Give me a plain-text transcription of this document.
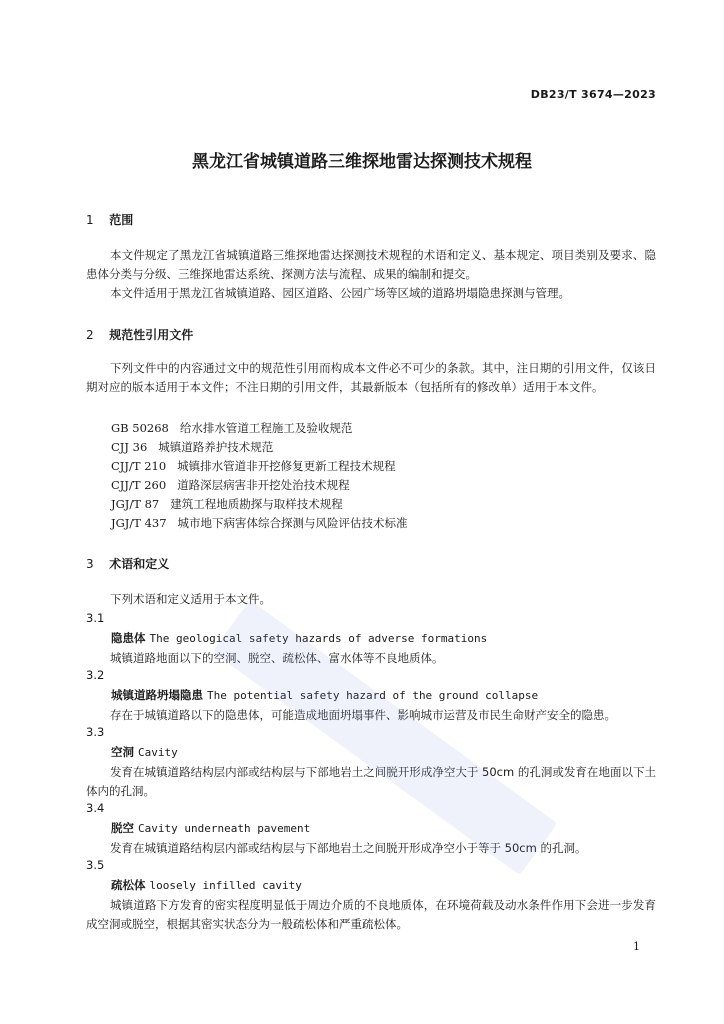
DB23/T 3674—2023
黑龙江省城镇道路三维探地雷达探测技术规程
1 范围

本文件规定了黑龙江省城镇道路三维探地雷达探测技术规程的术语和定义、基本规定、项目类别及要求、隐患体分类与分级、三维探地雷达系统、探测方法与流程、成果的编制和提交。

本文件适用于黑龙江省城镇道路、园区道路、公园广场等区域的道路坍塌隐患探测与管理。

2 规范性引用文件

下列文件中的内容通过文中的规范性引用而构成本文件必不可少的条款。其中，注日期的引用文件，仅该日期对应的版本适用于本文件；不注日期的引用文件，其最新版本（包括所有的修改单）适用于本文件。

GB 50268 给水排水管道工程施工及验收规范
CJJ 36 城镇道路养护技术规范
CJJ/T 210 城镇排水管道非开挖修复更新工程技术规程
CJJ/T 260 道路深层病害非开挖处治技术规程
JGJ/T 87 建筑工程地质勘探与取样技术规程
JGJ/T 437 城市地下病害体综合探测与风险评估技术标准
3 术语和定义

下列术语和定义适用于本文件。

3.1
隐患体 The geological safety hazards of adverse formations

城镇道路地面以下的空洞、脱空、疏松体、富水体等不良地质体。

3.2
城镇道路坍塌隐患 The potential safety hazard of the ground collapse

存在于城镇道路以下的隐患体，可能造成地面坍塌事件、影响城市运营及市民生命财产安全的隐患。

3.3
空洞 Cavity

发育在城镇道路结构层内部或结构层与下部地岩土之间脱开形成净空大于 50cm 的孔洞或发育在地面以下土体内的孔洞。

3.4
脱空 Cavity underneath pavement

发育在城镇道路结构层内部或结构层与下部地岩土之间脱开形成净空小于等于 50cm 的孔洞。

3.5
疏松体 loosely infilled cavity

城镇道路下方发育的密实程度明显低于周边介质的不良地质体，在环境荷载及动水条件作用下会进一步发育成空洞或脱空，根据其密实状态分为一般疏松体和严重疏松体。

1
